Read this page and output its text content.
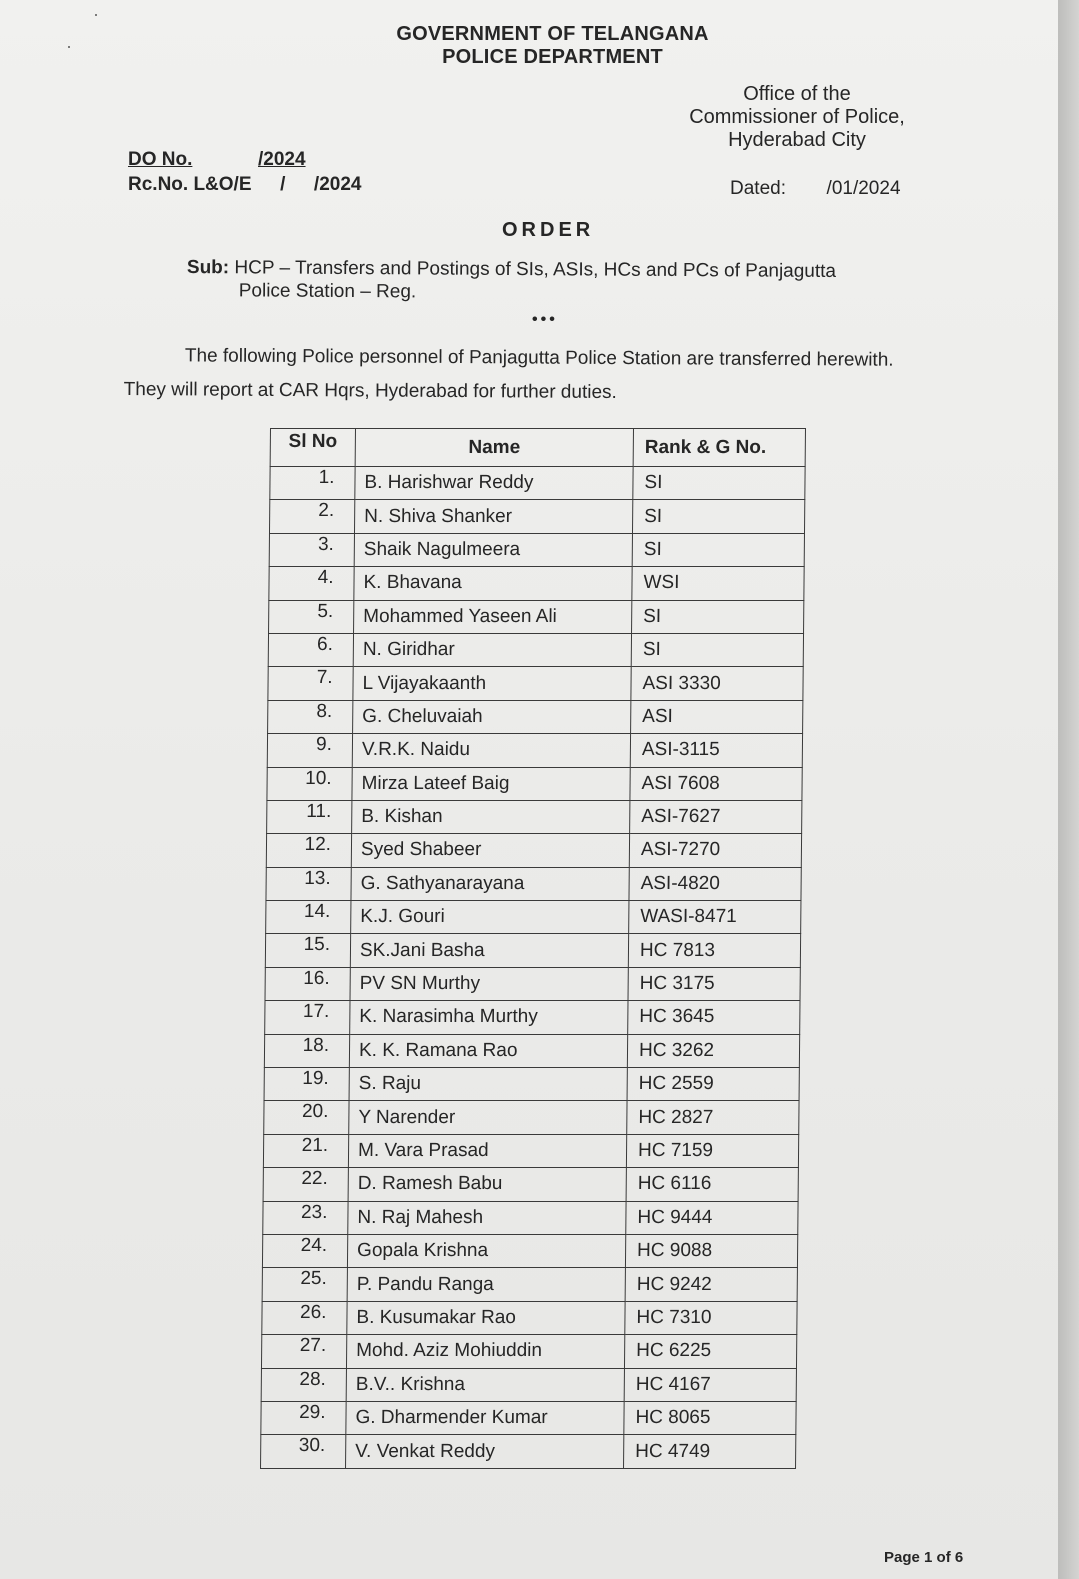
GOVERNMENT OF TELANGANA
POLICE DEPARTMENT
Office of the
Commissioner of Police,
Hyderabad City
DO No.	/2024
Rc.No. L&O/E / /2024	Dated: /01/2024
ORDER
Sub: HCP – Transfers and Postings of SIs, ASIs, HCs and PCs of Panjagutta
Police Station – Reg.
•••
The following Police personnel of Panjagutta Police Station are transferred herewith.
They will report at CAR Hqrs, Hyderabad for further duties.
Sl No	Name	Rank & G No.
1.	B. Harishwar Reddy	SI
2.	N. Shiva Shanker	SI
3.	Shaik Nagulmeera	SI
4.	K. Bhavana	WSI
5.	Mohammed Yaseen Ali	SI
6.	N. Giridhar	SI
7.	L Vijayakaanth	ASI 3330
8.	G. Cheluvaiah	ASI
9.	V.R.K. Naidu	ASI-3115
10.	Mirza Lateef Baig	ASI 7608
11.	B. Kishan	ASI-7627
12.	Syed Shabeer	ASI-7270
13.	G. Sathyanarayana	ASI-4820
14.	K.J. Gouri	WASI-8471
15.	SK.Jani Basha	HC 7813
16.	PV SN Murthy	HC 3175
17.	K. Narasimha Murthy	HC 3645
18.	K. K. Ramana Rao	HC 3262
19.	S. Raju	HC 2559
20.	Y Narender	HC 2827
21.	M. Vara Prasad	HC 7159
22.	D. Ramesh Babu	HC 6116
23.	N. Raj Mahesh	HC 9444
24.	Gopala Krishna	HC 9088
25.	P. Pandu Ranga	HC 9242
26.	B. Kusumakar Rao	HC 7310
27.	Mohd. Aziz Mohiuddin	HC 6225
28.	B.V.. Krishna	HC 4167
29.	G. Dharmender Kumar	HC 8065
30.	V. Venkat Reddy	HC 4749
Page 1 of 6
